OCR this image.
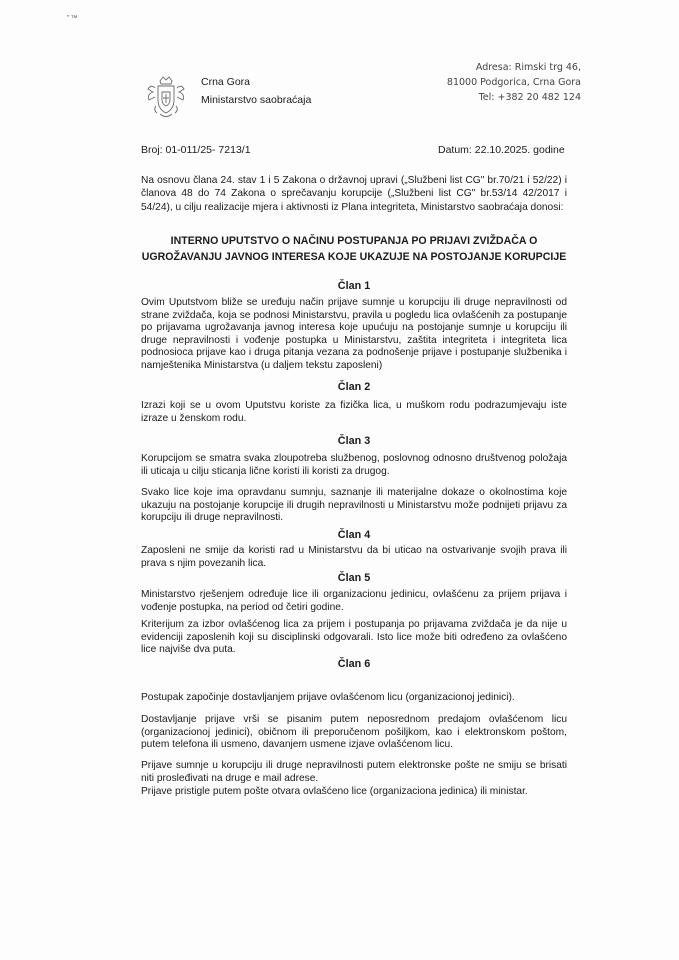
"™
Crna Gora
Ministarstvo saobraćaja
Adresa: Rimski trg 46,
81000 Podgorica, Crna Gora
Tel: +382 20 482 124
Broj: 01-011/25- 7213/1	Datum: 22.10.2025. godine
Na osnovu člana 24. stav 1 i 5 Zakona o državnoj upravi („Službeni list CG" br.70/21 i 52/22) i članova 48 do 74 Zakona o sprečavanju korupcije („Službeni list CG" br.53/14 42/2017 i 54/24), u cilju realizacije mjera i aktivnosti iz Plana integriteta, Ministarstvo saobraćaja donosi:
INTERNO UPUTSTVO O NAČINU POSTUPANJA PO PRIJAVI ZVIŽDAČA O UGROŽAVANJU JAVNOG INTERESA KOJE UKAZUJE NA POSTOJANJE KORUPCIJE
Član 1

Ovim Uputstvom bliže se uređuju način prijave sumnje u korupciju ili druge nepravilnosti od strane zviždača, koja se podnosi Ministarstvu, pravila u pogledu lica ovlašćenih za postupanje po prijavama ugrožavanja javnog interesa koje upućuju na postojanje sumnje u korupciju ili druge nepravilnosti i vođenje postupka u Ministarstvu, zaštita integriteta i integriteta lica podnosioca prijave kao i druga pitanja vezana za podnošenje prijave i postupanje službenika i namještenika Ministarstva (u daljem tekstu zaposleni)

Član 2

Izrazi koji se u ovom Uputstvu koriste za fizička lica, u muškom rodu podrazumjevaju iste izraze u ženskom rodu.

Član 3

Korupcijom se smatra svaka zloupotreba službenog, poslovnog odnosno društvenog položaja ili uticaja u cilju sticanja lične koristi ili koristi za drugog.

Svako lice koje ima opravdanu sumnju, saznanje ili materijalne dokaze o okolnostima koje ukazuju na postojanje korupcije ili drugih nepravilnosti u Ministarstvu može podnijeti prijavu za korupciju ili druge nepravilnosti.

Član 4

Zaposleni ne smije da koristi rad u Ministarstvu da bi uticao na ostvarivanje svojih prava ili prava s njim povezanih lica.

Član 5

Ministarstvo rješenjem određuje lice ili organizacionu jedinicu, ovlašćenu za prijem prijava i vođenje postupka, na period od četiri godine.

Kriterijum za izbor ovlašćenog lica za prijem i postupanja po prijavama zviždača je da nije u evidenciji zaposlenih koji su disciplinski odgovarali. Isto lice može biti određeno za ovlašćeno lice najviše dva puta.

Član 6

Postupak započinje dostavljanjem prijave ovlašćenom licu (organizacionoj jedinici).

Dostavljanje prijave vrši se pisanim putem neposrednom predajom ovlašćenom licu (organizacionoj jedinici), običnom ili preporučenom pošiljkom, kao i elektronskom poštom, putem telefona ili usmeno, davanjem usmene izjave ovlašćenom licu.

Prijave sumnje u korupciju ili druge nepravilnosti putem elektronske pošte ne smiju se brisati niti prosleđivati na druge e mail adrese.

Prijave pristigle putem pošte otvara ovlašćeno lice (organizaciona jedinica) ili ministar.
